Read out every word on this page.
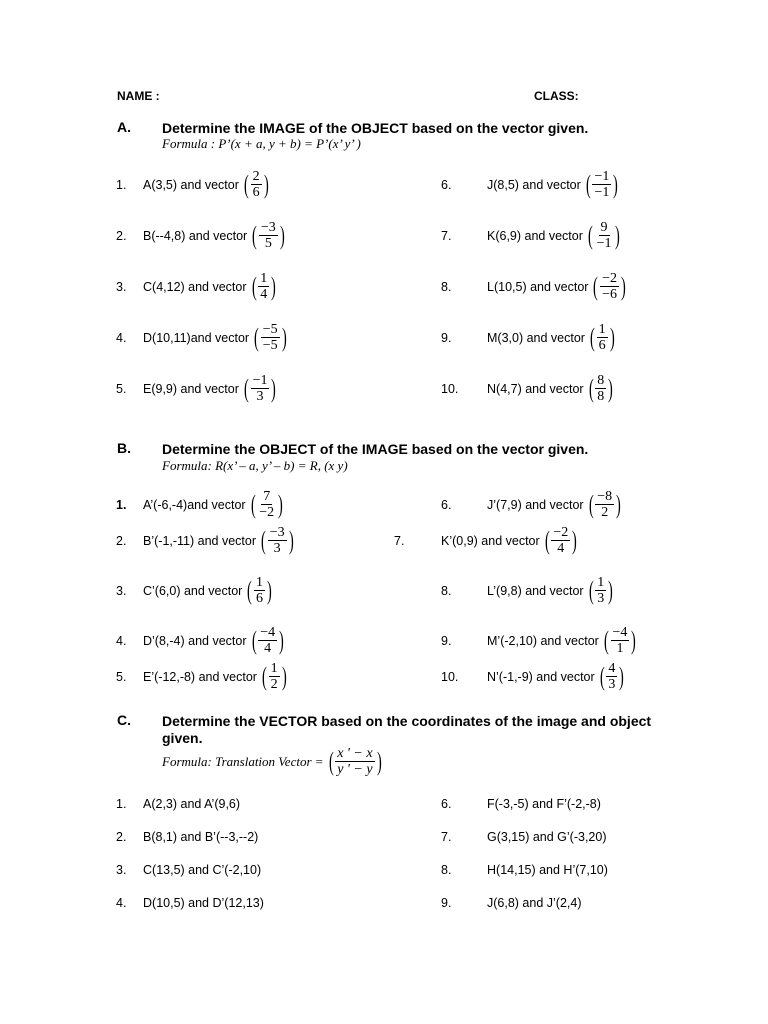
NAME :	CLASS:
A. Determine the IMAGE of the OBJECT based on the vector given.
Formula : P’(x + a, y + b) = P’(x’ y’ )
1. A(3,5) and vector ( $\frac{2}{6}$ )
2. B(--4,8) and vector ( $\frac{-3}{5}$ )
3. C(4,12) and vector ( $\frac{1}{4}$ )
4. D(10,11)and vector ( $\frac{-5}{-5}$ )
5. E(9,9) and vector ( $\frac{-1}{3}$ )
6.	J(8,5) and vector ( $\frac{-1}{-1}$ )
7.	K(6,9) and vector ( $\frac{9}{-1}$ )
8.	L(10,5) and vector ( $\frac{-2}{-6}$ )
9.	M(3,0) and vector ( $\frac{1}{6}$ )
10. N(4,7) and vector ( $\frac{8}{8}$ )
B. Determine the OBJECT of the IMAGE based on the vector given.
Formula: R(x’ – a, y’ – b) = R, (x y)
1. A’(-6,-4)and vector ( $\frac{7}{-2}$ )
2. B’(-1,-11) and vector ( $\frac{-3}{3}$ )
3. C’(6,0) and vector ( $\frac{1}{6}$ )
4. D’(8,-4) and vector ( $\frac{-4}{4}$ )
5. E’(-12,-8) and vector ( $\frac{1}{2}$ )
6.	J’(7,9) and vector ( $\frac{-8}{2}$ )
7.	K’(0,9) and vector ( $\frac{-2}{4}$ )
8.	L’(9,8) and vector ( $\frac{1}{3}$ )
9.	M’(-2,10) and vector ( $\frac{-4}{1}$ )
10. N’(-1,-9) and vector ( $\frac{4}{3}$ )
C. Determine the VECTOR based on the coordinates of the image and object
given.
Formula: Translation Vector = ( $\frac{x ' - x}{y ' - y}$ )
1. A(2,3) and A’(9,6)
2. B(8,1) and B’(--3,--2)
3. C(13,5) and C’(-2,10)
4. D(10,5) and D’(12,13)
6.	F(-3,-5) and F’(-2,-8)
7.	G(3,15) and G’(-3,20)
8.	H(14,15) and H’(7,10)
9.	J(6,8) and J’(2,4)
